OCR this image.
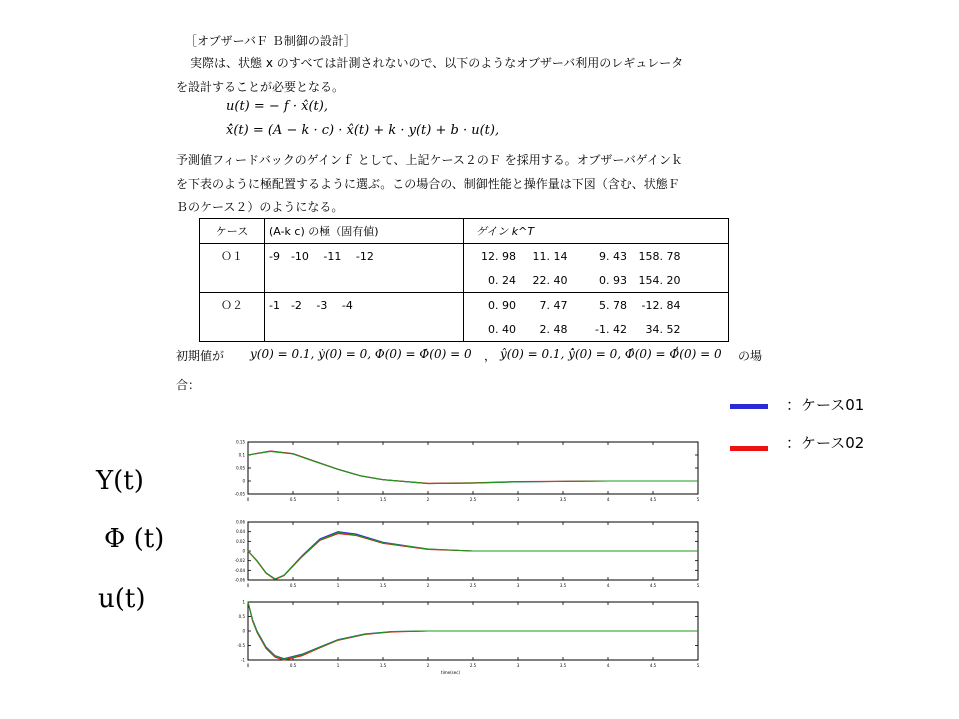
［オブザーバＦ Ｂ制御の設計］
実際は、状態 x のすべては計測されないので、以下のようなオブザーバ利用のレギュレータ
を設計することが必要となる。
u(t) = − f · x̂(t),
x̂̇(t) = (A − k · c) · x̂(t) + k · y(t) + b · u(t),
予測値フィードバックのゲインｆ として、上記ケース２のＦ を採用する。オブザーバゲインｋ
を下表のように極配置するように選ぶ。この場合の、制御性能と操作量は下図（含む、状態Ｆ
Ｂのケース２）のようになる。
ケース	(A-k c) の極（固有値)	ゲイン k^T
Ｏ１	-9　-10　 -11　 -12	12. 98 11. 14 9. 43 158. 78
		0. 24 22. 40 0. 93 154. 20
Ｏ２	-1　-2　 -3　 -4	0. 90 7. 47 5. 78 -12. 84
		0. 40 2. 48 -1. 42 34. 52
初期値が y(0) = 0.1, ẏ(0) = 0, Φ(0) = Φ̇(0) = 0 ， ŷ(0) = 0.1, ŷ̇(0) = 0, Φ̂(0) = Φ̂̇(0) = 0 の場
合：
：ケース01
：ケース02
Y(t)
Φ (t)
u(t)
0	0.5	1	1.5	2	2.5	3	3.5	4	4.5	5
0.15
0.1
0.05
0
-0.05
0	0.5	1	1.5	2	2.5	3	3.5	4	4.5	5
0.06
0.04
0.02
0
-0.02
-0.04
-0.06
0	0.5	1	1.5	2	2.5	3	3.5	4	4.5	5
1
0.5
0
-0.5
-1
time(sec)
